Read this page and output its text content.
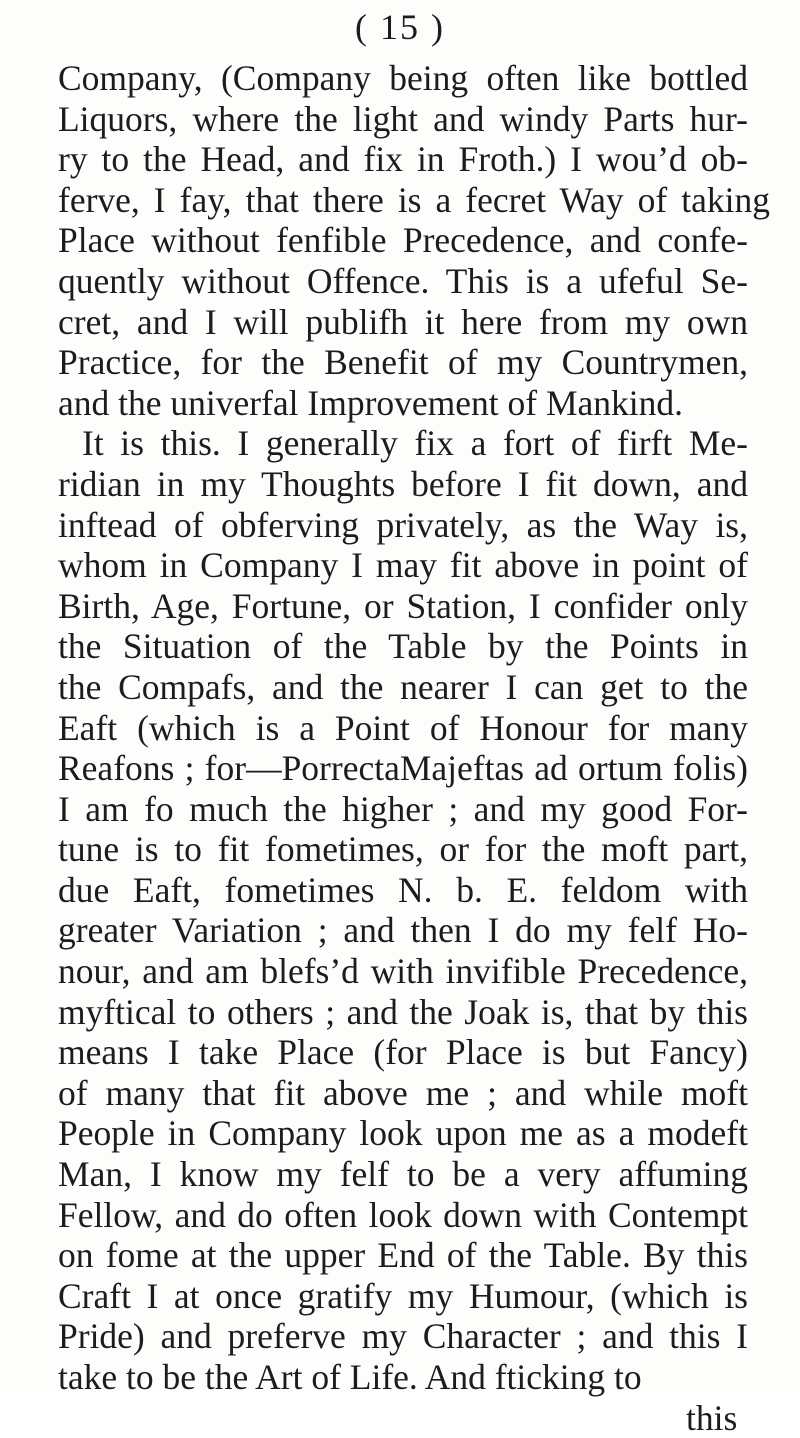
( 15 )
Company, (Company being often like bottled
Liquors, where the light and windy Parts hur-
ry to the Head, and fix in Froth.) I wou’d ob-
ferve, I fay, that there is a fecret Way of taking
Place without fenfible Precedence, and confe-
quently without Offence. This is a ufeful Se-
cret, and I will publifh it here from my own
Practice, for the Benefit of my Countrymen,
and the univerfal Improvement of Mankind.
It is this. I generally fix a fort of firft Me-
ridian in my Thoughts before I fit down, and
inftead of obferving privately, as the Way is,
whom in Company I may fit above in point of
Birth, Age, Fortune, or Station, I confider only
the Situation of the Table by the Points in
the Compafs, and the nearer I can get to the
Eaft (which is a Point of Honour for many
Reafons ; for—PorrectaMajeftas ad ortum folis)
I am fo much the higher ; and my good For-
tune is to fit fometimes, or for the moft part,
due Eaft, fometimes N. b. E. feldom with
greater Variation ; and then I do my felf Ho-
nour, and am blefs’d with invifible Precedence,
myftical to others ; and the Joak is, that by this
means I take Place (for Place is but Fancy)
of many that fit above me ; and while moft
People in Company look upon me as a modeft
Man, I know my felf to be a very affuming
Fellow, and do often look down with Contempt
on fome at the upper End of the Table. By this
Craft I at once gratify my Humour, (which is
Pride) and preferve my Character ; and this I
take to be the Art of Life. And fticking to
this
